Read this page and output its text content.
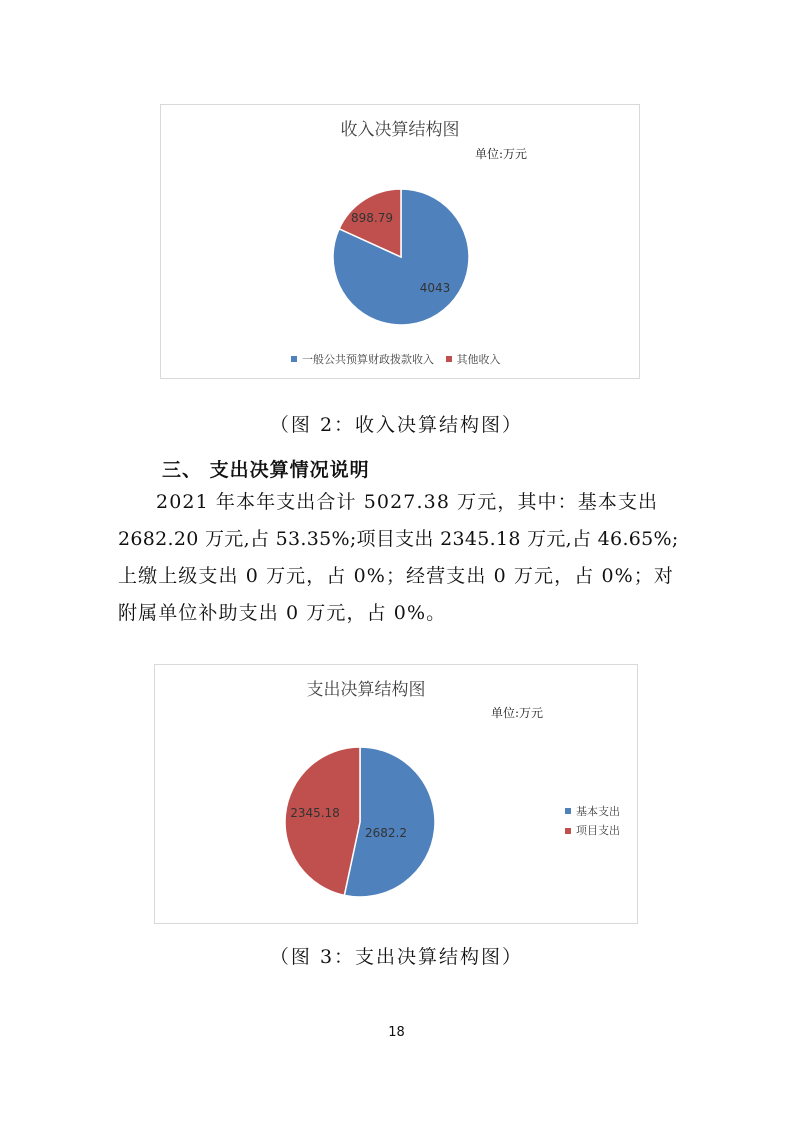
收入决算结构图
单位:万元
4043
898.79
一般公共预算财政拨款收入
其他收入
（图 2：收入决算结构图）
三、 支出决算情况说明
2021 年本年支出合计 5027.38 万元，其中：基本支出
2682.20 万元,占 53.35%;项目支出 2345.18 万元,占 46.65%;
上缴上级支出 0 万元，占 0%；经营支出 0 万元，占 0%；对
附属单位补助支出 0 万元，占 0%。
支出决算结构图
单位:万元
2682.2
2345.18	基本支出

项目支出
（图 3：支出决算结构图）
18
